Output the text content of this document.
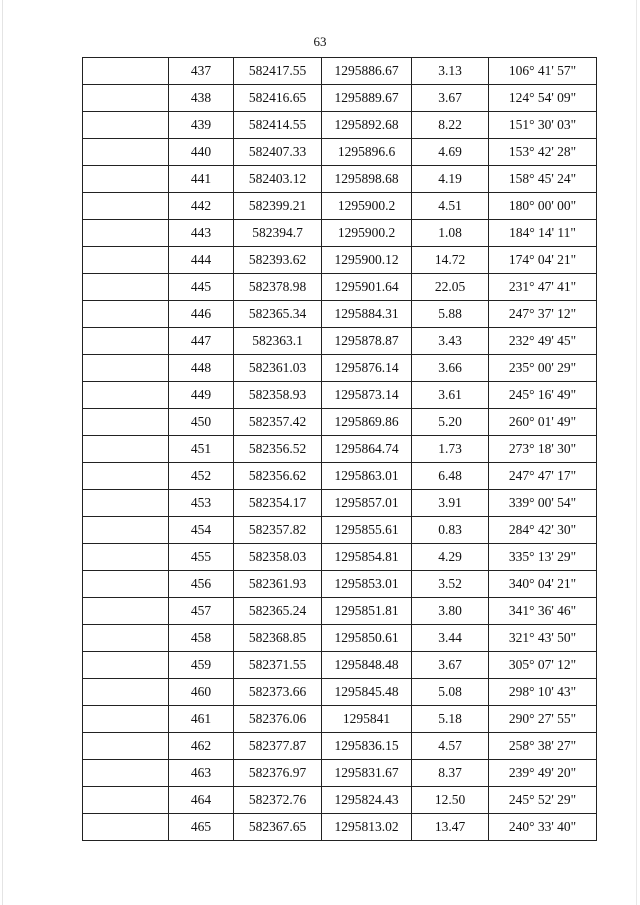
63
	437	582417.55	1295886.67	3.13	106° 41' 57"
	438	582416.65	1295889.67	3.67	124° 54' 09"
	439	582414.55	1295892.68	8.22	151° 30' 03"
	440	582407.33	1295896.6	4.69	153° 42' 28"
	441	582403.12	1295898.68	4.19	158° 45' 24"
	442	582399.21	1295900.2	4.51	180° 00' 00"
	443	582394.7	1295900.2	1.08	184° 14' 11"
	444	582393.62	1295900.12	14.72	174° 04' 21"
	445	582378.98	1295901.64	22.05	231° 47' 41"
	446	582365.34	1295884.31	5.88	247° 37' 12"
	447	582363.1	1295878.87	3.43	232° 49' 45"
	448	582361.03	1295876.14	3.66	235° 00' 29"
	449	582358.93	1295873.14	3.61	245° 16' 49"
	450	582357.42	1295869.86	5.20	260° 01' 49"
	451	582356.52	1295864.74	1.73	273° 18' 30"
	452	582356.62	1295863.01	6.48	247° 47' 17"
	453	582354.17	1295857.01	3.91	339° 00' 54"
	454	582357.82	1295855.61	0.83	284° 42' 30"
	455	582358.03	1295854.81	4.29	335° 13' 29"
	456	582361.93	1295853.01	3.52	340° 04' 21"
	457	582365.24	1295851.81	3.80	341° 36' 46"
	458	582368.85	1295850.61	3.44	321° 43' 50"
	459	582371.55	1295848.48	3.67	305° 07' 12"
	460	582373.66	1295845.48	5.08	298° 10' 43"
	461	582376.06	1295841	5.18	290° 27' 55"
	462	582377.87	1295836.15	4.57	258° 38' 27"
	463	582376.97	1295831.67	8.37	239° 49' 20"
	464	582372.76	1295824.43	12.50	245° 52' 29"
	465	582367.65	1295813.02	13.47	240° 33' 40"
